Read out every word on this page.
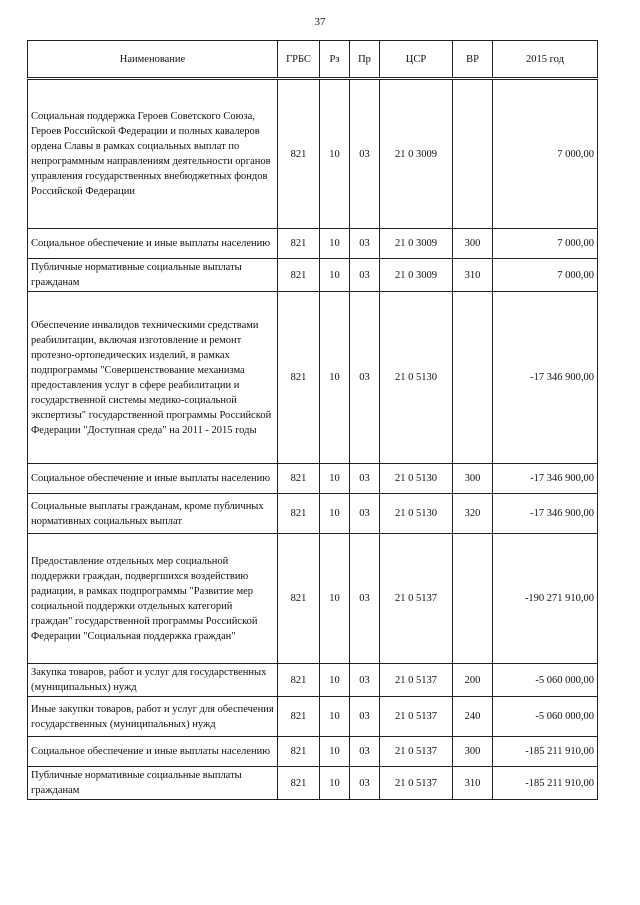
37
Наименование	ГРБС	Рз	Пр	ЦСР	ВР	2015 год
Социальная поддержка Героев Советского Союза, Героев Российской Федерации и полных кавалеров ордена Славы в рамках социальных выплат по непрограммным направлениям деятельности органов управления государственных внебюджетных фондов Российской Федерации	821	10	03	21 0 3009		7 000,00
Социальное обеспечение и иные выплаты населению	821	10	03	21 0 3009	300	7 000,00
Публичные нормативные социальные выплаты гражданам	821	10	03	21 0 3009	310	7 000,00
Обеспечение инвалидов техническими средствами реабилитации, включая изготовление и ремонт протезно-ортопедических изделий, в рамках подпрограммы "Совершенствование механизма предоставления услуг в сфере реабилитации и государственной системы медико-социальной экспертизы" государственной программы Российской Федерации "Доступная среда" на 2011 - 2015 годы	821	10	03	21 0 5130		-17 346 900,00
Социальное обеспечение и иные выплаты населению	821	10	03	21 0 5130	300	-17 346 900,00
Социальные выплаты гражданам, кроме публичных нормативных социальных выплат	821	10	03	21 0 5130	320	-17 346 900,00
Предоставление отдельных мер социальной поддержки граждан, подвергшихся воздействию радиации, в рамках подпрограммы "Развитие мер социальной поддержки отдельных категорий граждан" государственной программы Российской Федерации "Социальная поддержка граждан"	821	10	03	21 0 5137		-190 271 910,00
Закупка товаров, работ и услуг для государственных (муниципальных) нужд	821	10	03	21 0 5137	200	-5 060 000,00
Иные закупки товаров, работ и услуг для обеспечения государственных (муниципальных) нужд	821	10	03	21 0 5137	240	-5 060 000,00
Социальное обеспечение и иные выплаты населению	821	10	03	21 0 5137	300	-185 211 910,00
Публичные нормативные социальные выплаты гражданам	821	10	03	21 0 5137	310	-185 211 910,00
